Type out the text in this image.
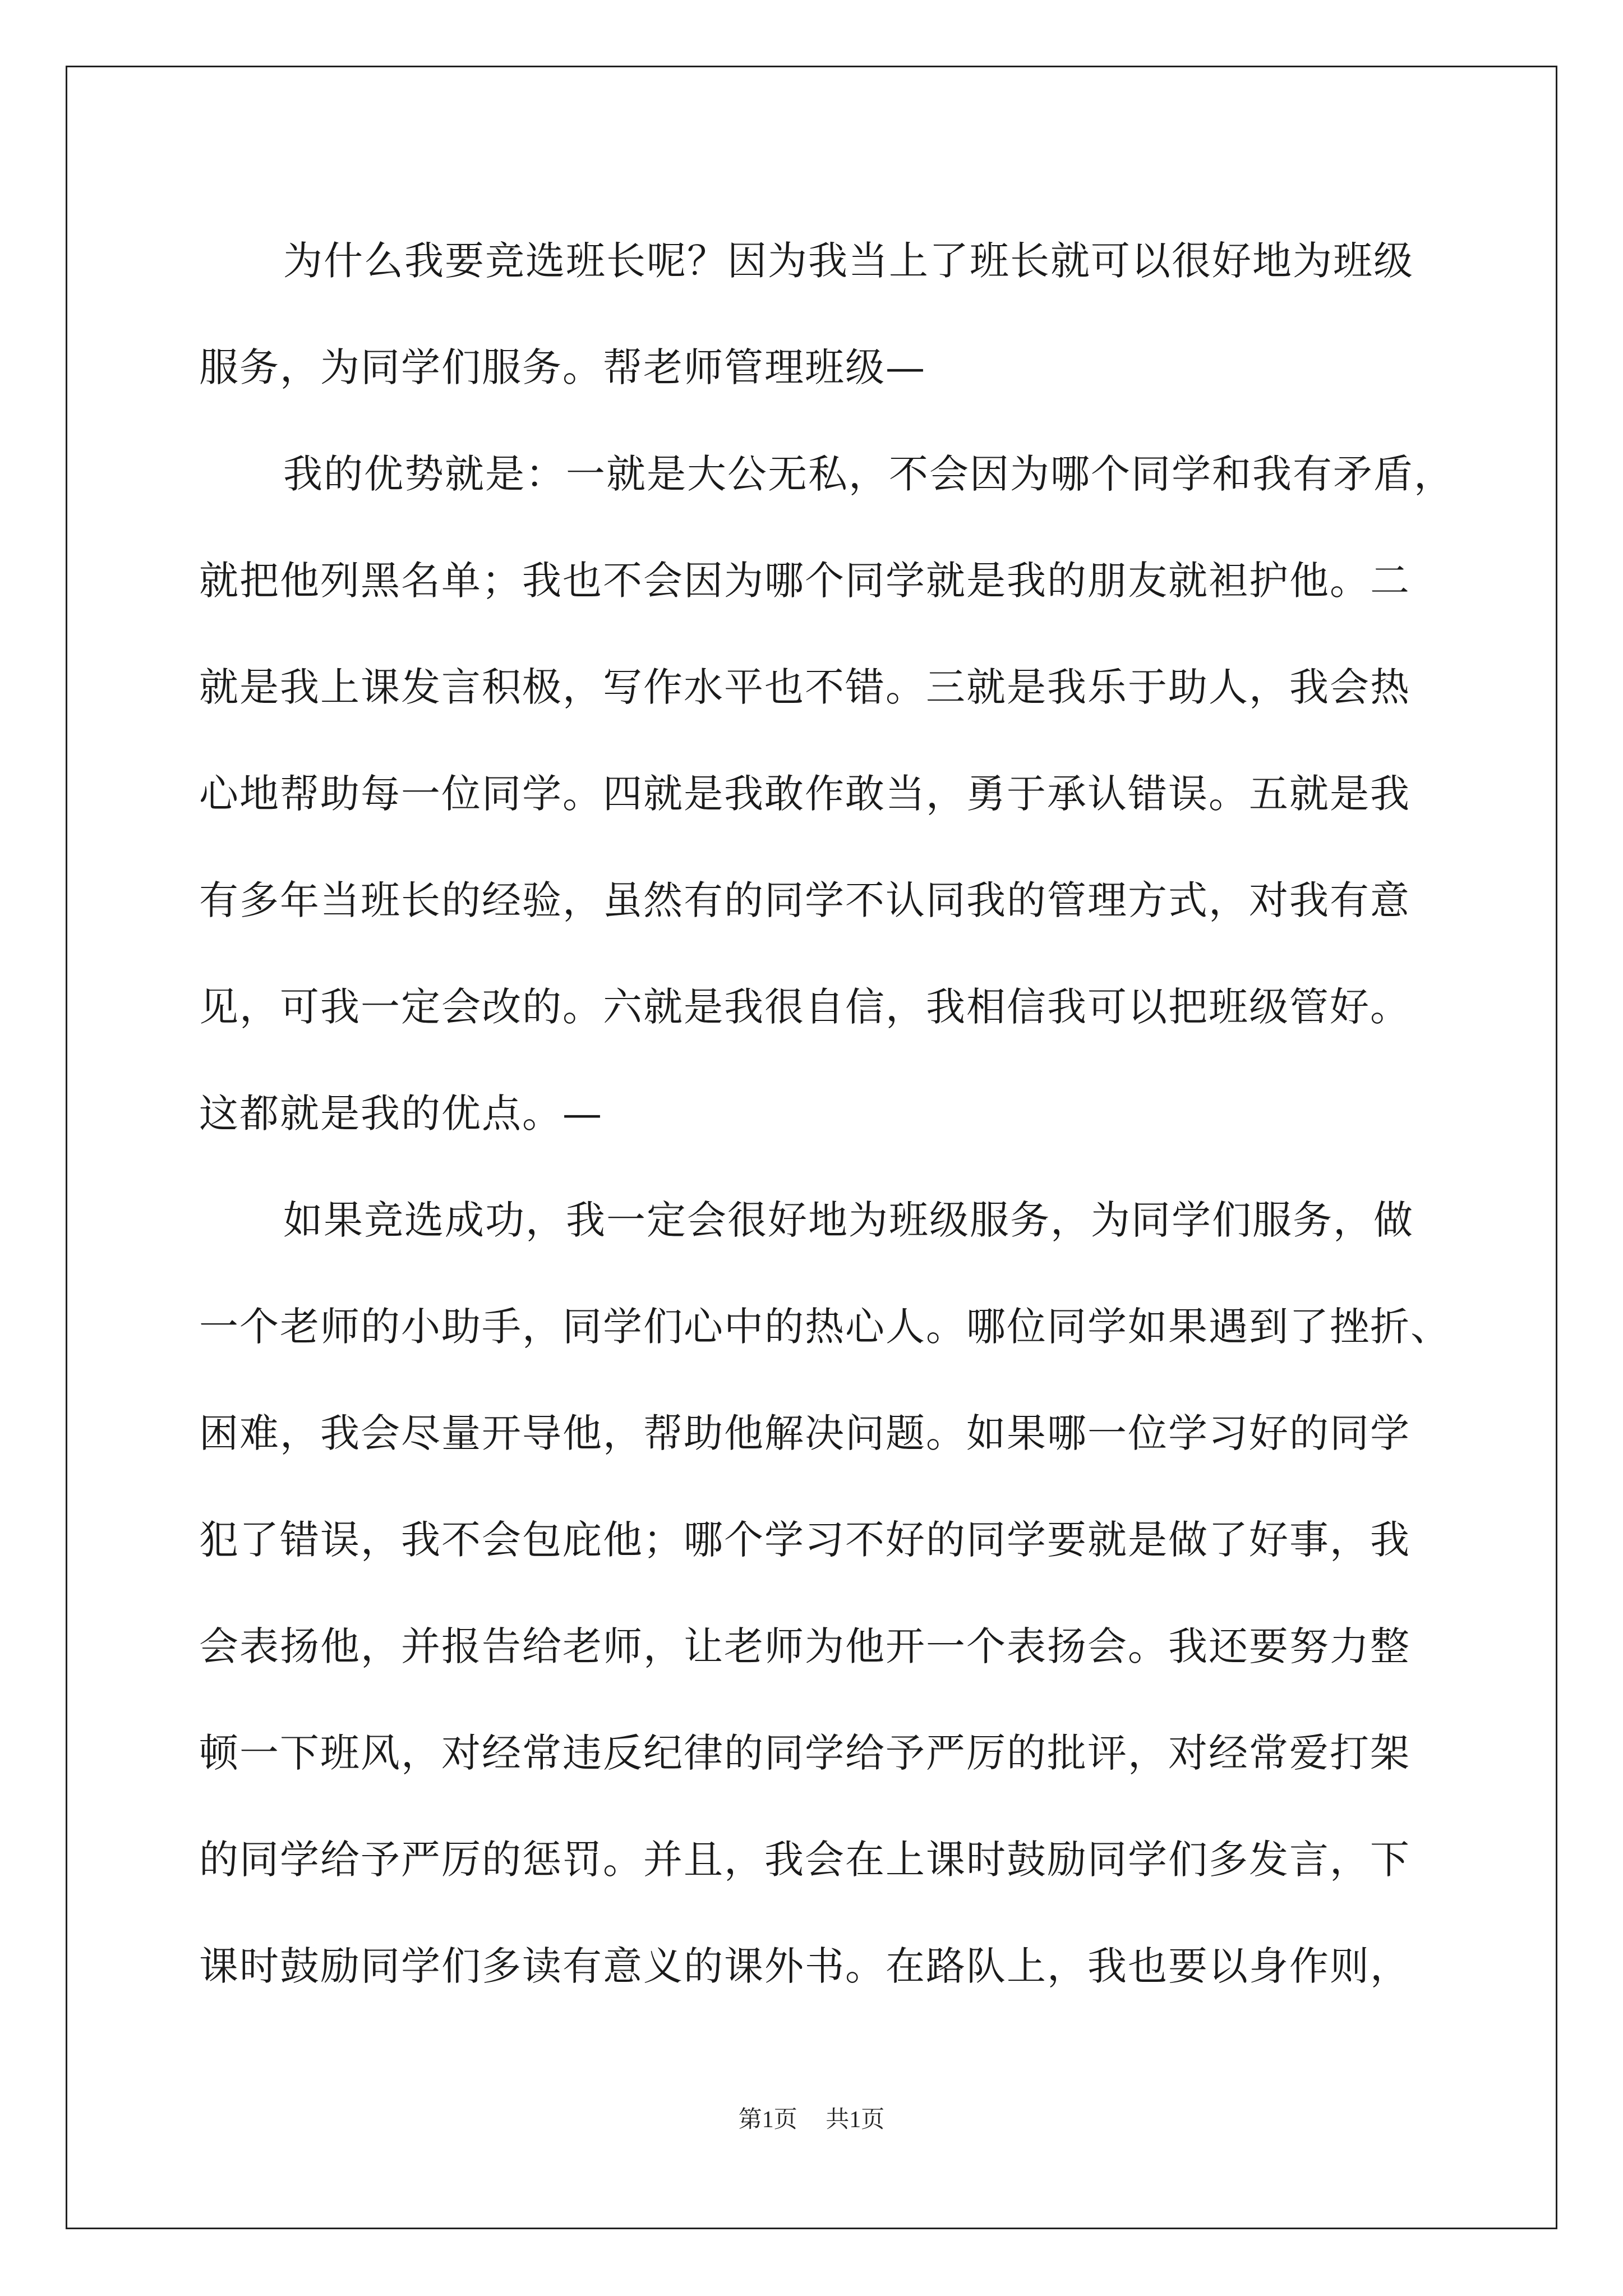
为什么我要竞选班长呢？因为我当上了班长就可以很好地为班级
服务，为同学们服务。帮老师管理班级—
我的优势就是：一就是大公无私，不会因为哪个同学和我有矛盾，
就把他列黑名单；我也不会因为哪个同学就是我的朋友就袒护他。二
就是我上课发言积极，写作水平也不错。三就是我乐于助人，我会热
心地帮助每一位同学。四就是我敢作敢当，勇于承认错误。五就是我
有多年当班长的经验，虽然有的同学不认同我的管理方式，对我有意
见，可我一定会改的。六就是我很自信，我相信我可以把班级管好。
这都就是我的优点。—
如果竞选成功，我一定会很好地为班级服务，为同学们服务，做
一个老师的小助手，同学们心中的热心人。哪位同学如果遇到了挫折、
困难，我会尽量开导他，帮助他解决问题。如果哪一位学习好的同学
犯了错误，我不会包庇他；哪个学习不好的同学要就是做了好事，我
会表扬他，并报告给老师，让老师为他开一个表扬会。我还要努力整
顿一下班风，对经常违反纪律的同学给予严厉的批评，对经常爱打架
的同学给予严厉的惩罚。并且，我会在上课时鼓励同学们多发言，下
课时鼓励同学们多读有意义的课外书。在路队上，我也要以身作则，
第1页 共1页
